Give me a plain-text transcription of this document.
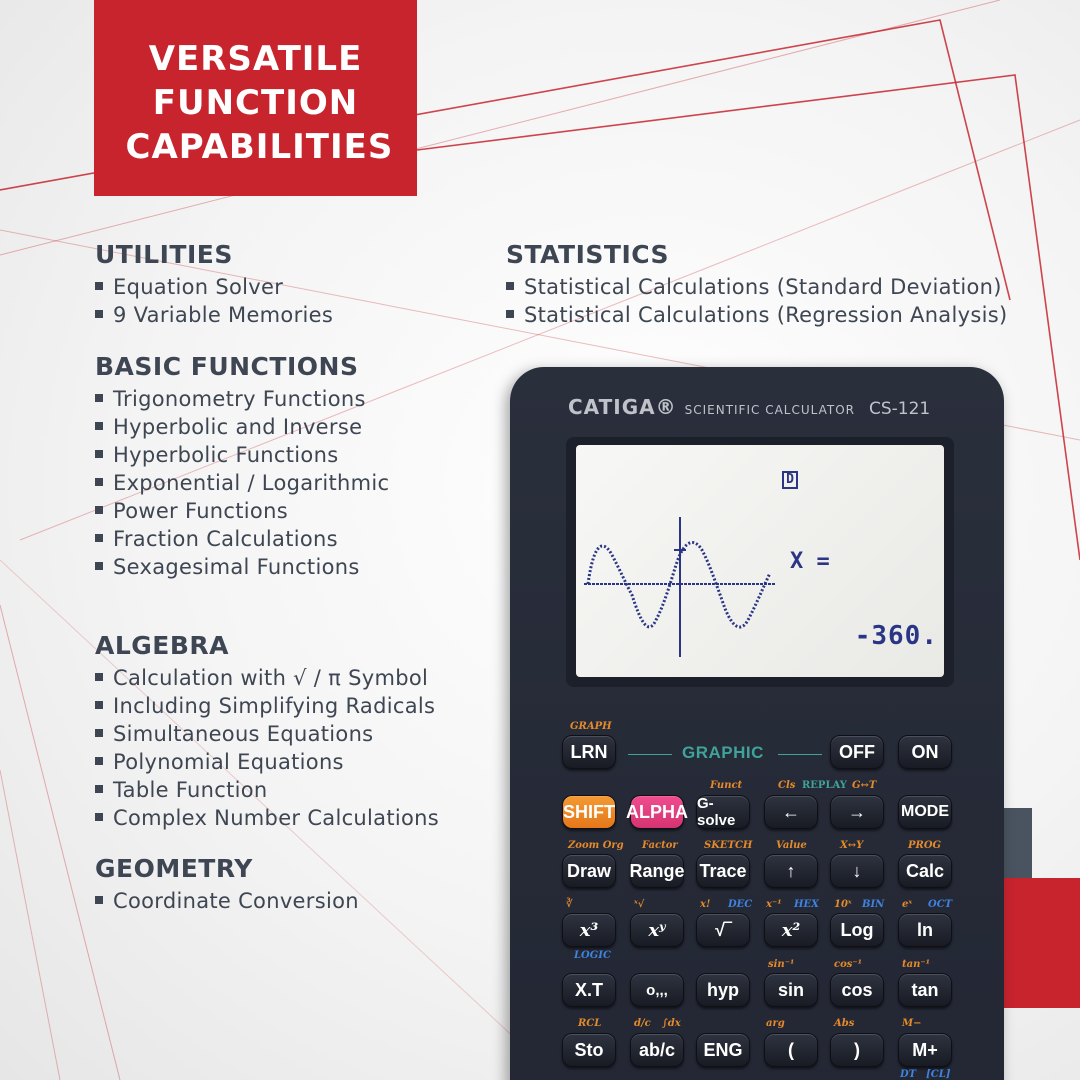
VERSATILE FUNCTION CAPABILITIES
UTILITIES
Equation Solver
9 Variable Memories
STATISTICS
Statistical Calculations (Standard Deviation)
Statistical Calculations (Regression Analysis)
BASIC FUNCTIONS
Trigonometry Functions
Hyperbolic and Inverse
Hyperbolic Functions
Exponential / Logarithmic
Power Functions
Fraction Calculations
Sexagesimal Functions
ALGEBRA
Calculation with √ / π Symbol
Including Simplifying Radicals
Simultaneous Equations
Polynomial Equations
Table Function
Complex Number Calculations
GEOMETRY
Coordinate Conversion
CATIGA® SCIENTIFIC CALCULATOR CS-121
D
X =
-360.
GRAPH
LRN	GRAPHIC	OFF	ON
Funct	Cls REPLAY G↔T
SHIFT ALPHA G-solve	←	→	MODE
Zoom Org Factor	SKETCH Value	X↔Y	PROG
Draw Range Trace	↑	↓	Calc
∛	ˣ√	x! DEC x⁻¹ HEX 10ˣ BIN eˣ OCT
x³	xʸ	√‾	x²	Log	ln
LOGIC
sin⁻¹	cos⁻¹	tan⁻¹
X.T	o,,,	hyp	sin	cos	tan
RCL	d/c ∫dx	arg	Abs	M−
Sto	ab/c	ENG	(	)	M+
DT [CL]
